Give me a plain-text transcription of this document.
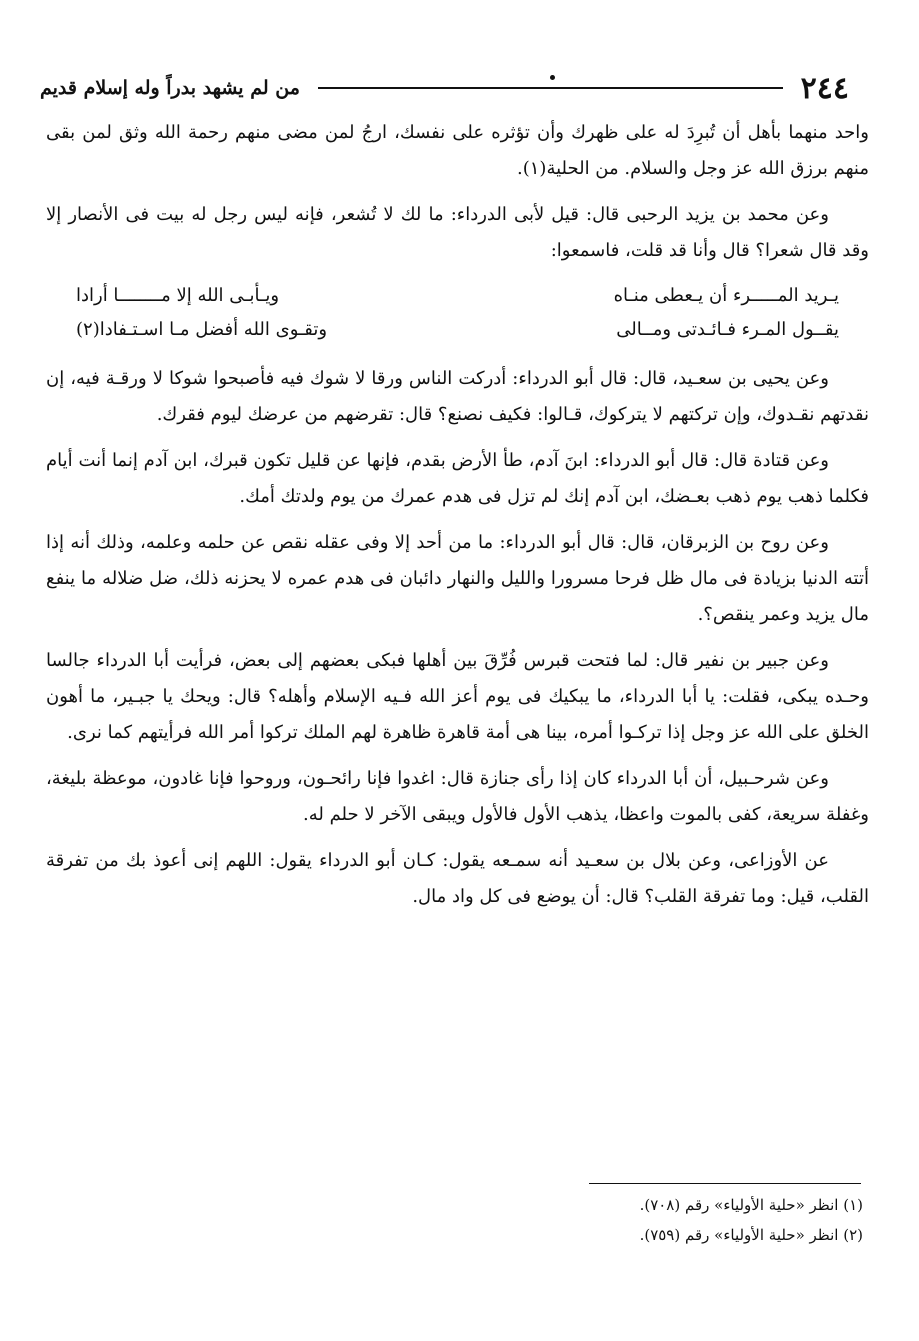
٢٤٤
من لم يشهد بدراً وله إسلام قديم

واحد منهما بأهل أن تُبرِدَ له على ظهرك وأن تؤثره على نفسك، ارجُ لمن مضى منهم رحمة الله وثق لمن بقى منهم برزق الله عز وجل والسلام. من الحلية(١).

وعن محمد بن يزيد الرحبى قال: قيل لأبى الدرداء: ما لك لا تُشعر، فإنه ليس رجل له بيت فى الأنصار إلا وقد قال شعرا؟ قال وأنا قد قلت، فاسمعوا:

يـريد المـــــرء أن يـعطى منـاه
ويـأبـى الله إلا مــــــــا أرادا
يقــول المـرء فـائـدتى ومــالى
وتقـوى الله أفضل مـا اسـتـفادا(٢)

وعن يحيى بن سعـيد، قال: قال أبو الدرداء: أدركت الناس ورقا لا شوك فيه فأصبحوا شوكا لا ورقـة فيه، إن نقدتهم نقـدوك، وإن تركتهم لا يتركوك، قـالوا: فكيف نصنع؟ قال: تقرضهم من عرضك ليوم فقرك.

وعن قتادة قال: قال أبو الدرداء: ابنَ آدم، طأ الأرض بقدم، فإنها عن قليل تكون قبرك، ابن آدم إنما أنت أيام فكلما ذهب يوم ذهب بعـضك، ابن آدم إنك لم تزل فى هدم عمرك من يوم ولدتك أمك.

وعن روح بن الزبرقان، قال: قال أبو الدرداء: ما من أحد إلا وفى عقله نقص عن حلمه وعلمه، وذلك أنه إذا أتته الدنيا بزيادة فى مال ظل فرحا مسرورا والليل والنهار دائبان فى هدم عمره لا يحزنه ذلك، ضل ضلاله ما ينفع مال يزيد وعمر ينقص؟.

وعن جبير بن نفير قال: لما فتحت قبرس فُرِّقَ بين أهلها فبكى بعضهم إلى بعض، فرأيت أبا الدرداء جالسا وحـده يبكى، فقلت: يا أبا الدرداء، ما يبكيك فى يوم أعز الله فـيه الإسلام وأهله؟ قال: ويحك يا جبـير، ما أهون الخلق على الله عز وجل إذا تركـوا أمره، بينا هى أمة قاهرة ظاهرة لهم الملك تركوا أمر الله فرأيتهم كما نرى.

وعن شرحـبيل، أن أبا الدرداء كان إذا رأى جنازة قال: اغدوا فإنا رائحـون، وروحوا فإنا غادون، موعظة بليغة، وغفلة سريعة، كفى بالموت واعظا، يذهب الأول فالأول ويبقى الآخر لا حلم له.

عن الأوزاعى، وعن بلال بن سعـيد أنه سمـعه يقول: كـان أبو الدرداء يقول: اللهم إنى أعوذ بك من تفرقة القلب، قيل: وما تفرقة القلب؟ قال: أن يوضع فى كل واد مال.

(١) انظر «حلية الأولياء» رقم (٧٠٨).

(٢) انظر «حلية الأولياء» رقم (٧٥٩).
